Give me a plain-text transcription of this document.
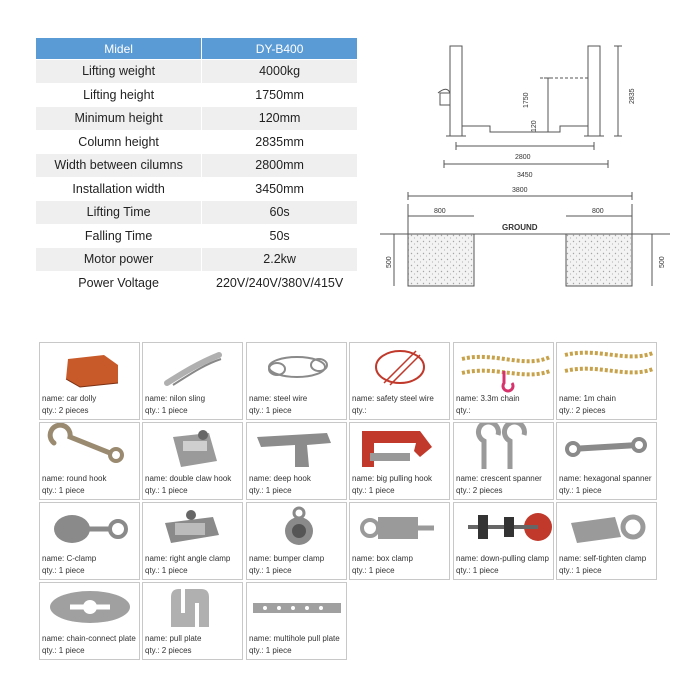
Midel	DY-B400
Lifting weight	4000kg
Lifting height	1750mm
Minimum height	120mm
Column height	2835mm
Width between cilumns	2800mm
Installation width	3450mm
Lifting Time	60s
Falling Time	50s
Motor power	2.2kw
Power Voltage	220V/240V/380V/415V
1750
120
2835
2800
3450
3800
800	800
GROUND
500	500
name: car dolly
qty.: 2 pieces
name: nilon sling
qty.: 1 piece
name: steel wire
qty.: 1 piece
name: safety steel wire
qty.:
name: 3.3m chain
qty.:
name: 1m chain
qty.: 2 pieces
name: round hook
qty.: 1 piece
name: double claw hook
qty.: 1 piece
name: deep hook
qty.: 1 piece
name: big pulling hook
qty.: 1 piece
name: crescent spanner
qty.: 2 pieces
name: hexagonal spanner
qty.: 1 piece
name: C-clamp
qty.: 1 piece
name: right angle clamp
qty.: 1 piece
name: bumper clamp
qty.: 1 piece
name: box clamp
qty.: 1 piece
name: down-pulling clamp
qty.: 1 piece
name: self-tighten clamp
qty.: 1 piece
name: chain-connect plate
qty.: 1 piece
name: pull plate
qty.: 2 pieces
name: multihole pull plate
qty.: 1 piece
